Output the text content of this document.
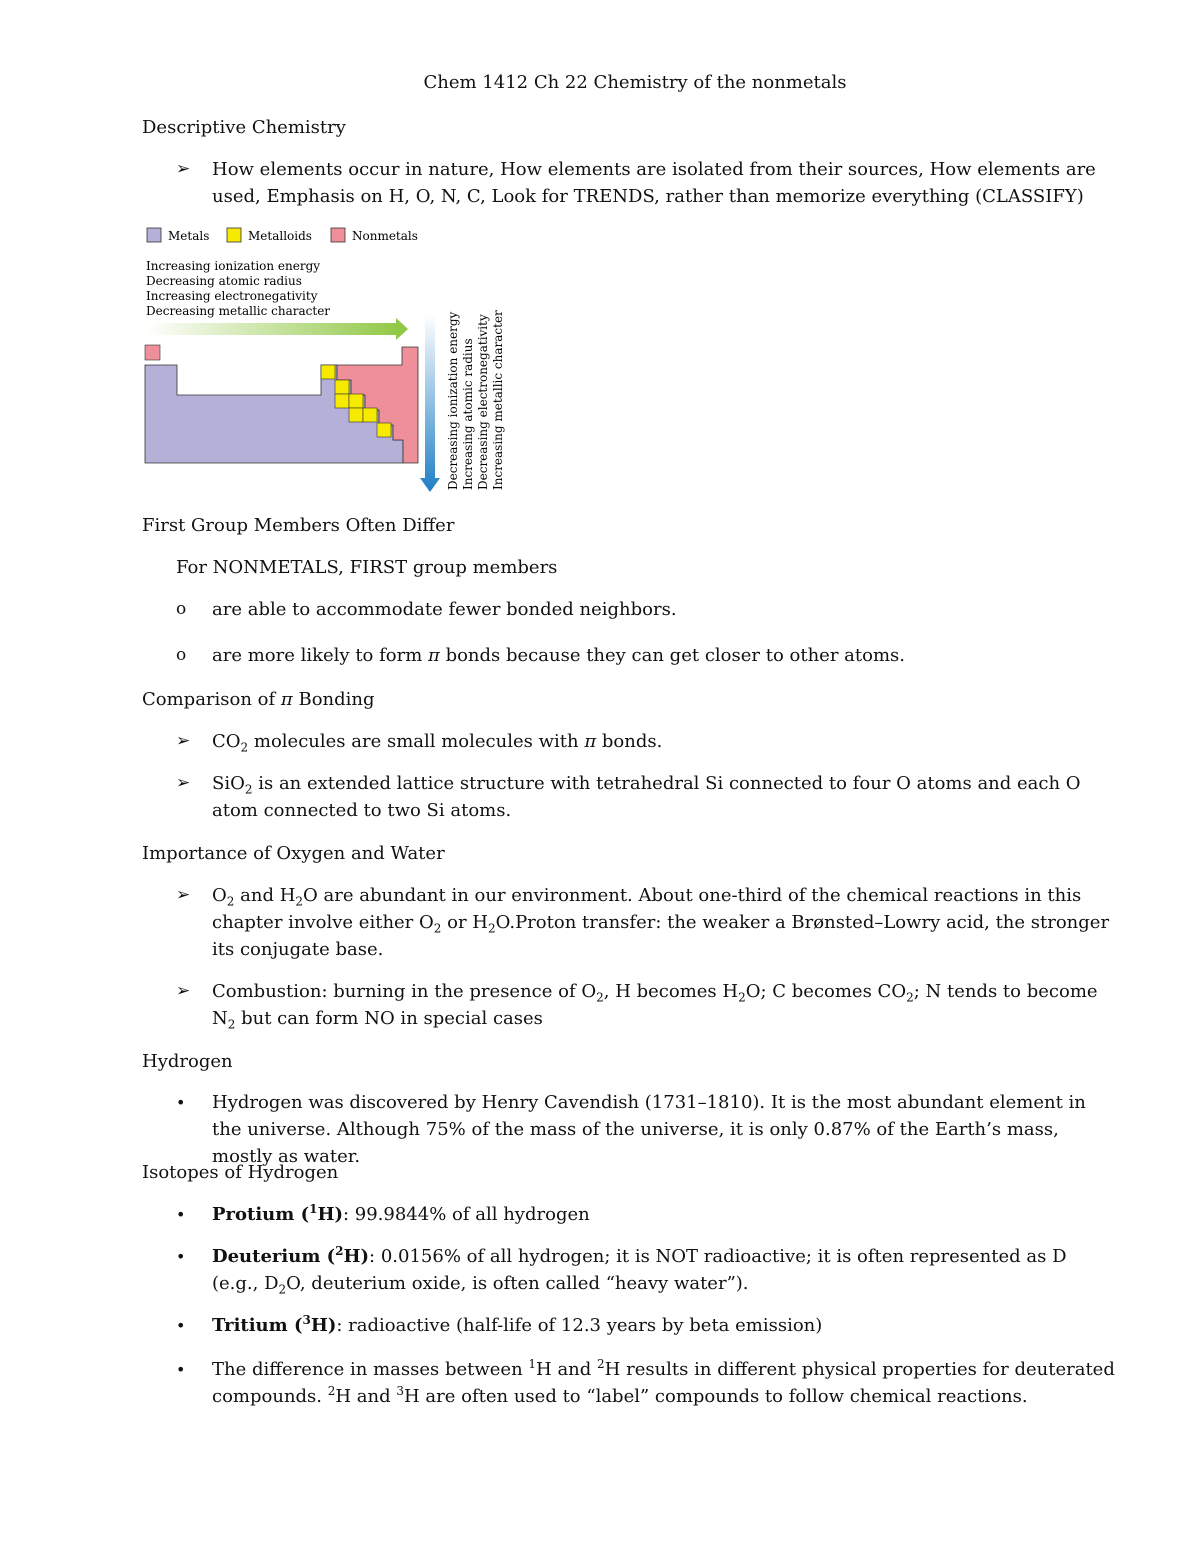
Chem 1412 Ch 22 Chemistry of the nonmetals
Descriptive Chemistry
➢	How elements occur in nature, How elements are isolated from their sources, How elements are used, Emphasis on H, O, N, C, Look for TRENDS, rather than memorize everything (CLASSIFY)
Metals	Metalloids	Nonmetals
Increasing ionization energy
Decreasing atomic radius
Increasing electronegativity
Decreasing metallic character
Decreasing ionization energy Increasing atomic radius Decreasing electronegativity Increasing metallic character
First Group Members Often Differ
For NONMETALS, FIRST group members
o	are able to accommodate fewer bonded neighbors.
o	are more likely to form π bonds because they can get closer to other atoms.
Comparison of π Bonding
➢	$CO_2$ molecules are small molecules with π bonds.
➢	SiO$_2$ is an extended lattice structure with tetrahedral Si connected to four O atoms and each O atom connected to two Si atoms.
Importance of Oxygen and Water
➢	$O_2$ and $H_2O$ are abundant in our environment. About one-third of the chemical reactions in this chapter involve either $O_2$ or $H_2O.Proton$ transfer: the weaker a Brønsted–Lowry acid, the stronger its conjugate base.
➢	Combustion: burning in the presence of $O_2$, H becomes $H_2O$; C becomes $CO_2$; N tends to become $N_2$ but can form NO in special cases
Hydrogen
•	Hydrogen was discovered by Henry Cavendish (1731–1810). It is the most abundant element in the universe. Although 75% of the mass of the universe, it is only 0.87% of the Earth’s mass, mostly as water.
Isotopes of Hydrogen
•	Protium ($^1$H): 99.9844% of all hydrogen
•	Deuterium ($^2$H): 0.0156% of all hydrogen; it is NOT radioactive; it is often represented as D (e.g., $D_2O$, deuterium oxide, is often called “heavy water”).
•	Tritium ($^3$H): radioactive (half-life of 12.3 years by beta emission)
•	The difference in masses between $^1$H and $^2$H results in different physical properties for deuterated compounds. $^2$H and $^3$H are often used to “label” compounds to follow chemical reactions.
